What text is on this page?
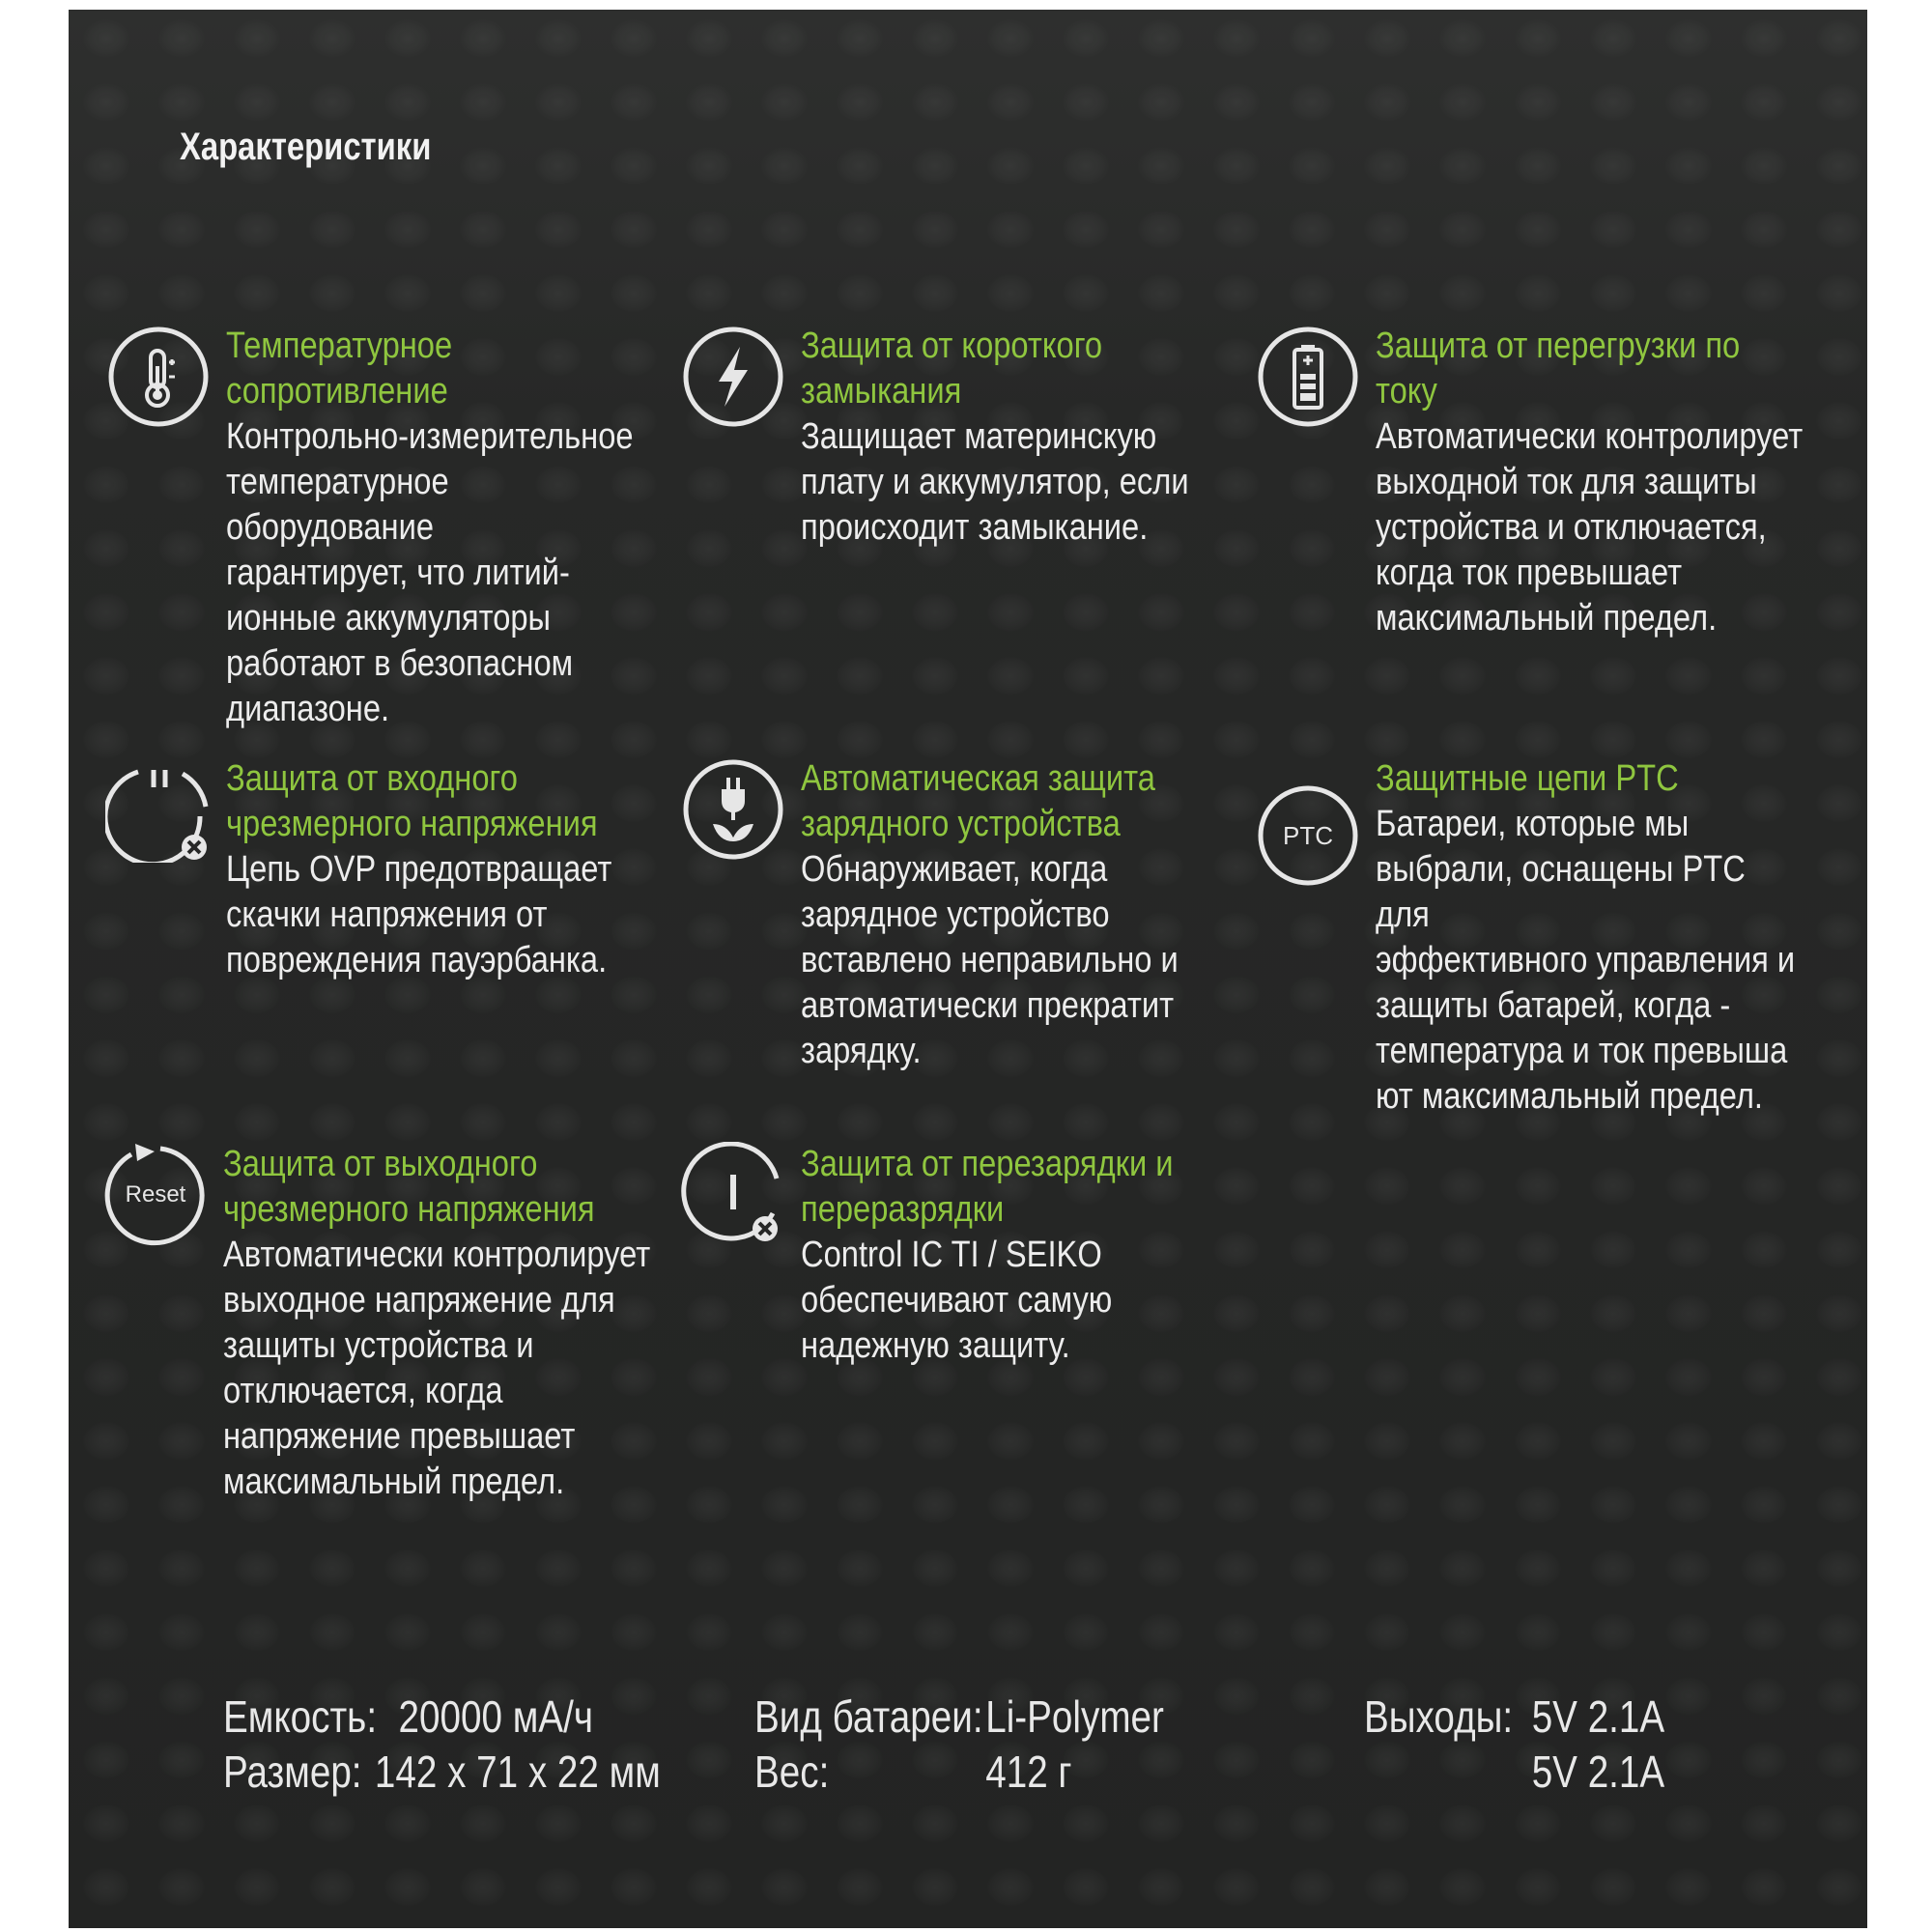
Характеристики
Температурное
сопротивление
Контрольно-измерительное
температурное оборудование
гарантирует, что литий-
ионные аккумуляторы
работают в безопасном
диапазоне.
Защита от короткого
замыкания
Защищает материнскую
плату и аккумулятор, если
происходит замыкание.
Защита от перегрузки по току
Автоматически контролирует
выходной ток для защиты
устройства и отключается,
когда ток превышает
максимальный предел.
Защита от входного
чрезмерного напряжения
Цепь OVP предотвращает
скачки напряжения от
повреждения пауэрбанка.
Автоматическая защита
зарядного устройства
Обнаруживает, когда
зарядное устройство
вставлено неправильно и
автоматически прекратит
зарядку.
PTC
Защитные цепи PTC
Батареи, которые мы
выбрали, оснащены PTC для
эффективного управления и
защиты батарей, когда -
температура и ток превыша
ют максимальный предел.
Reset
Защита от выходного
чрезмерного напряжения
Автоматически контролирует
выходное напряжение для
защиты устройства и
отключается, когда
напряжение превышает
максимальный предел.
Защита от перезарядки и
переразрядки
Control IC TI / SEIKO
обеспечивают самую
надежную защиту.
Емкость: 20000 мА/ч
Размер: 142 x 71 x 22 мм
Вид батареи: Li-Polymer
Вес:	412 г
Выходы: 5V 2.1A
5V 2.1A
